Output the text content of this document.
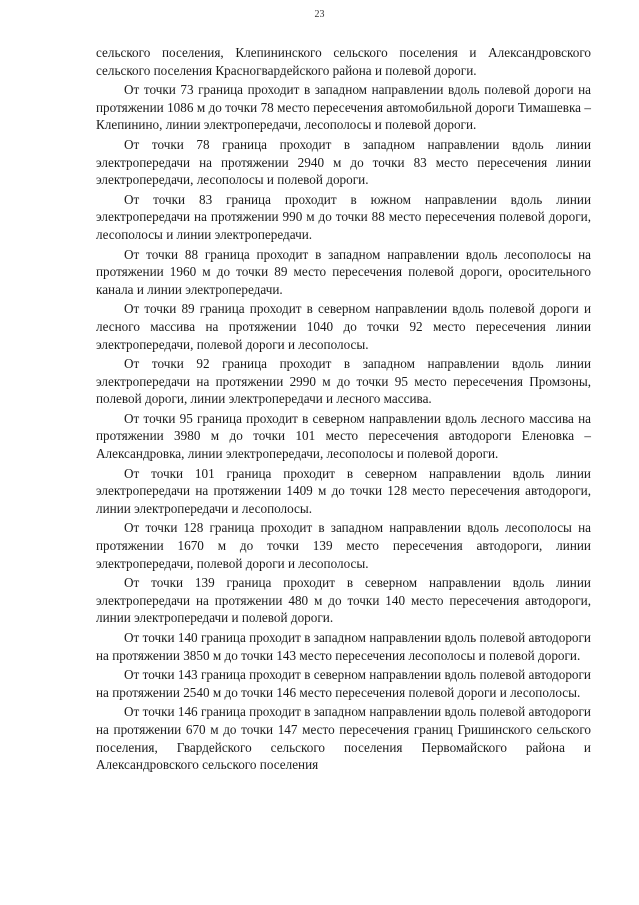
23

сельского поселения, Клепининского сельского поселения и Александровского сельского поселения Красногвардейского района и полевой дороги.

От точки 73 граница проходит в западном направлении вдоль полевой дороги на протяжении 1086 м до точки 78 место пересечения автомобильной дороги Тимашевка – Клепинино, линии электропередачи, лесополосы и полевой дороги.

От точки 78 граница проходит в западном направлении вдоль линии электропередачи на протяжении 2940 м до точки 83 место пересечения линии электропередачи, лесополосы и полевой дороги.

От точки 83 граница проходит в южном направлении вдоль линии электропередачи на протяжении 990 м до точки 88 место пересечения полевой дороги, лесополосы и линии электропередачи.

От точки 88 граница проходит в западном направлении вдоль лесополосы на протяжении 1960 м до точки 89 место пересечения полевой дороги, оросительного канала и линии электропередачи.

От точки 89 граница проходит в северном направлении вдоль полевой дороги и лесного массива на протяжении 1040 до точки 92 место пересечения линии электропередачи, полевой дороги и лесополосы.

От точки 92 граница проходит в западном направлении вдоль линии электропередачи на протяжении 2990 м до точки 95 место пересечения Промзоны, полевой дороги, линии электропередачи и лесного массива.

От точки 95 граница проходит в северном направлении вдоль лесного массива на протяжении 3980 м до точки 101 место пересечения автодороги Еленовка – Александровка, линии электропередачи, лесополосы и полевой дороги.

От точки 101 граница проходит в северном направлении вдоль линии электропередачи на протяжении 1409 м до точки 128 место пересечения автодороги, линии электропередачи и лесополосы.

От точки 128 граница проходит в западном направлении вдоль лесополосы на протяжении 1670 м до точки 139 место пересечения автодороги, линии электропередачи, полевой дороги и лесополосы.

От точки 139 граница проходит в северном направлении вдоль линии электропередачи на протяжении 480 м до точки 140 место пересечения автодороги, линии электропередачи и полевой дороги.

От точки 140 граница проходит в западном направлении вдоль полевой автодороги на протяжении 3850 м до точки 143 место пересечения лесополосы и полевой дороги.

От точки 143 граница проходит в северном направлении вдоль полевой автодороги на протяжении 2540 м до точки 146 место пересечения полевой дороги и лесополосы.

От точки 146 граница проходит в западном направлении вдоль полевой автодороги на протяжении 670 м до точки 147 место пересечения границ Гришинского сельского поселения, Гвардейского сельского поселения Первомайского района и Александровского сельского поселения
